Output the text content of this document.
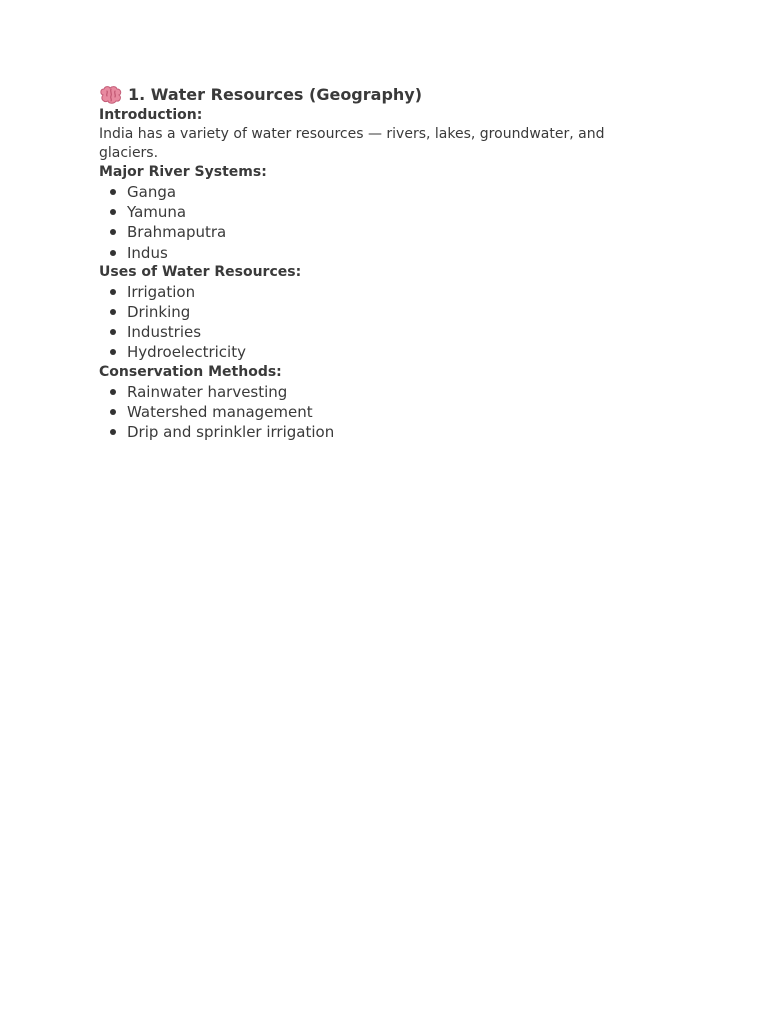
1. Water Resources (Geography)

Introduction:

India has a variety of water resources — rivers, lakes, groundwater, and glaciers.

Major River Systems:

Ganga
Yamuna
Brahmaputra
Indus

Uses of Water Resources:

Irrigation
Drinking
Industries
Hydroelectricity

Conservation Methods:

Rainwater harvesting
Watershed management
Drip and sprinkler irrigation
